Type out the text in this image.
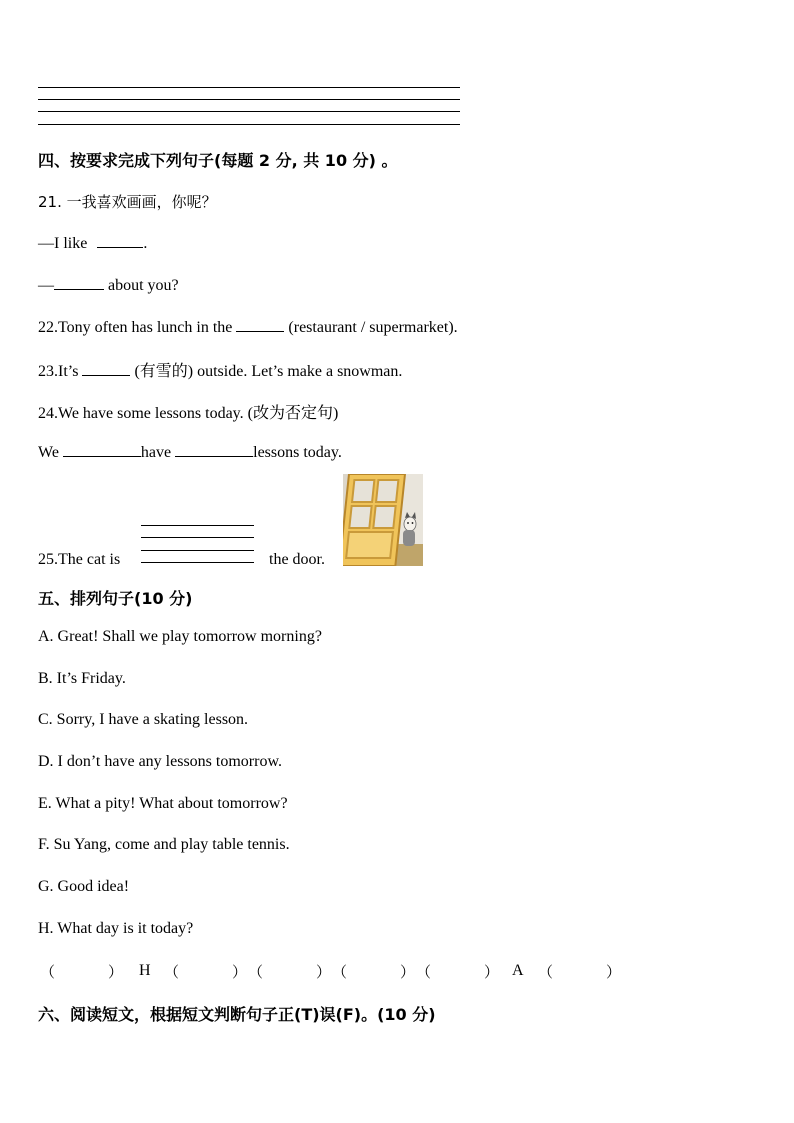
四、按要求完成下列句子(每题 2 分, 共 10 分) 。
21. 一我喜欢画画，你呢？
—I like	.
—	about you?
22.Tony often has lunch in the	(restaurant / supermarket).
23.It’s	(有雪的) outside. Let’s make a snowman.
24.We have some lessons today. (改为否定句)
We	have	lessons today.
25.The cat is	the door.
五、排列句子(10 分)
A. Great! Shall we play tomorrow morning?
B. It’s Friday.
C. Sorry, I have a skating lesson.
D. I don’t have any lessons tomorrow.
E. What a pity! What about tomorrow?
F. Su Yang, come and play table tennis.
G. Good idea!
H. What day is it today?
（	） H （	） （	） （	） （	） A （	）
六、阅读短文，根据短文判断句子正(T)误(F)。(10 分)
